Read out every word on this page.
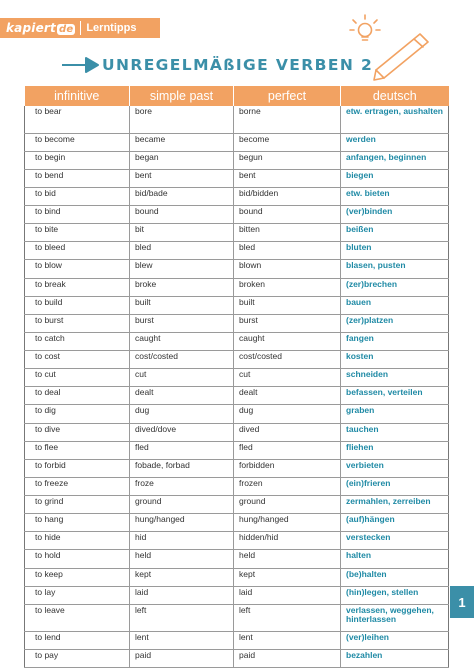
kapiert de Lerntipps
UNREGELMÄßIGE VERBEN 2
infinitive	simple past	perfect	deutsch
to bear	bore	borne	etw. ertragen, aushalten
to become	became	become	werden
to begin	began	begun	anfangen, beginnen
to bend	bent	bent	biegen
to bid	bid/bade	bid/bidden	etw. bieten
to bind	bound	bound	(ver)binden
to bite	bit	bitten	beißen
to bleed	bled	bled	bluten
to blow	blew	blown	blasen, pusten
to break	broke	broken	(zer)brechen
to build	built	built	bauen
to burst	burst	burst	(zer)platzen
to catch	caught	caught	fangen
to cost	cost/costed	cost/costed	kosten
to cut	cut	cut	schneiden
to deal	dealt	dealt	befassen, verteilen
to dig	dug	dug	graben
to dive	dived/dove	dived	tauchen
to flee	fled	fled	fliehen
to forbid	fobade, forbad	forbidden	verbieten
to freeze	froze	frozen	(ein)frieren
to grind	ground	ground	zermahlen, zerreiben
to hang	hung/hanged	hung/hanged	(auf)hängen
to hide	hid	hidden/hid	verstecken
to hold	held	held	halten
to keep	kept	kept	(be)halten
to lay	laid	laid	(hin)legen, stellen
to leave	left	left	verlassen, weggehen, hinterlassen
to lend	lent	lent	(ver)leihen
to pay	paid	paid	bezahlen
1
